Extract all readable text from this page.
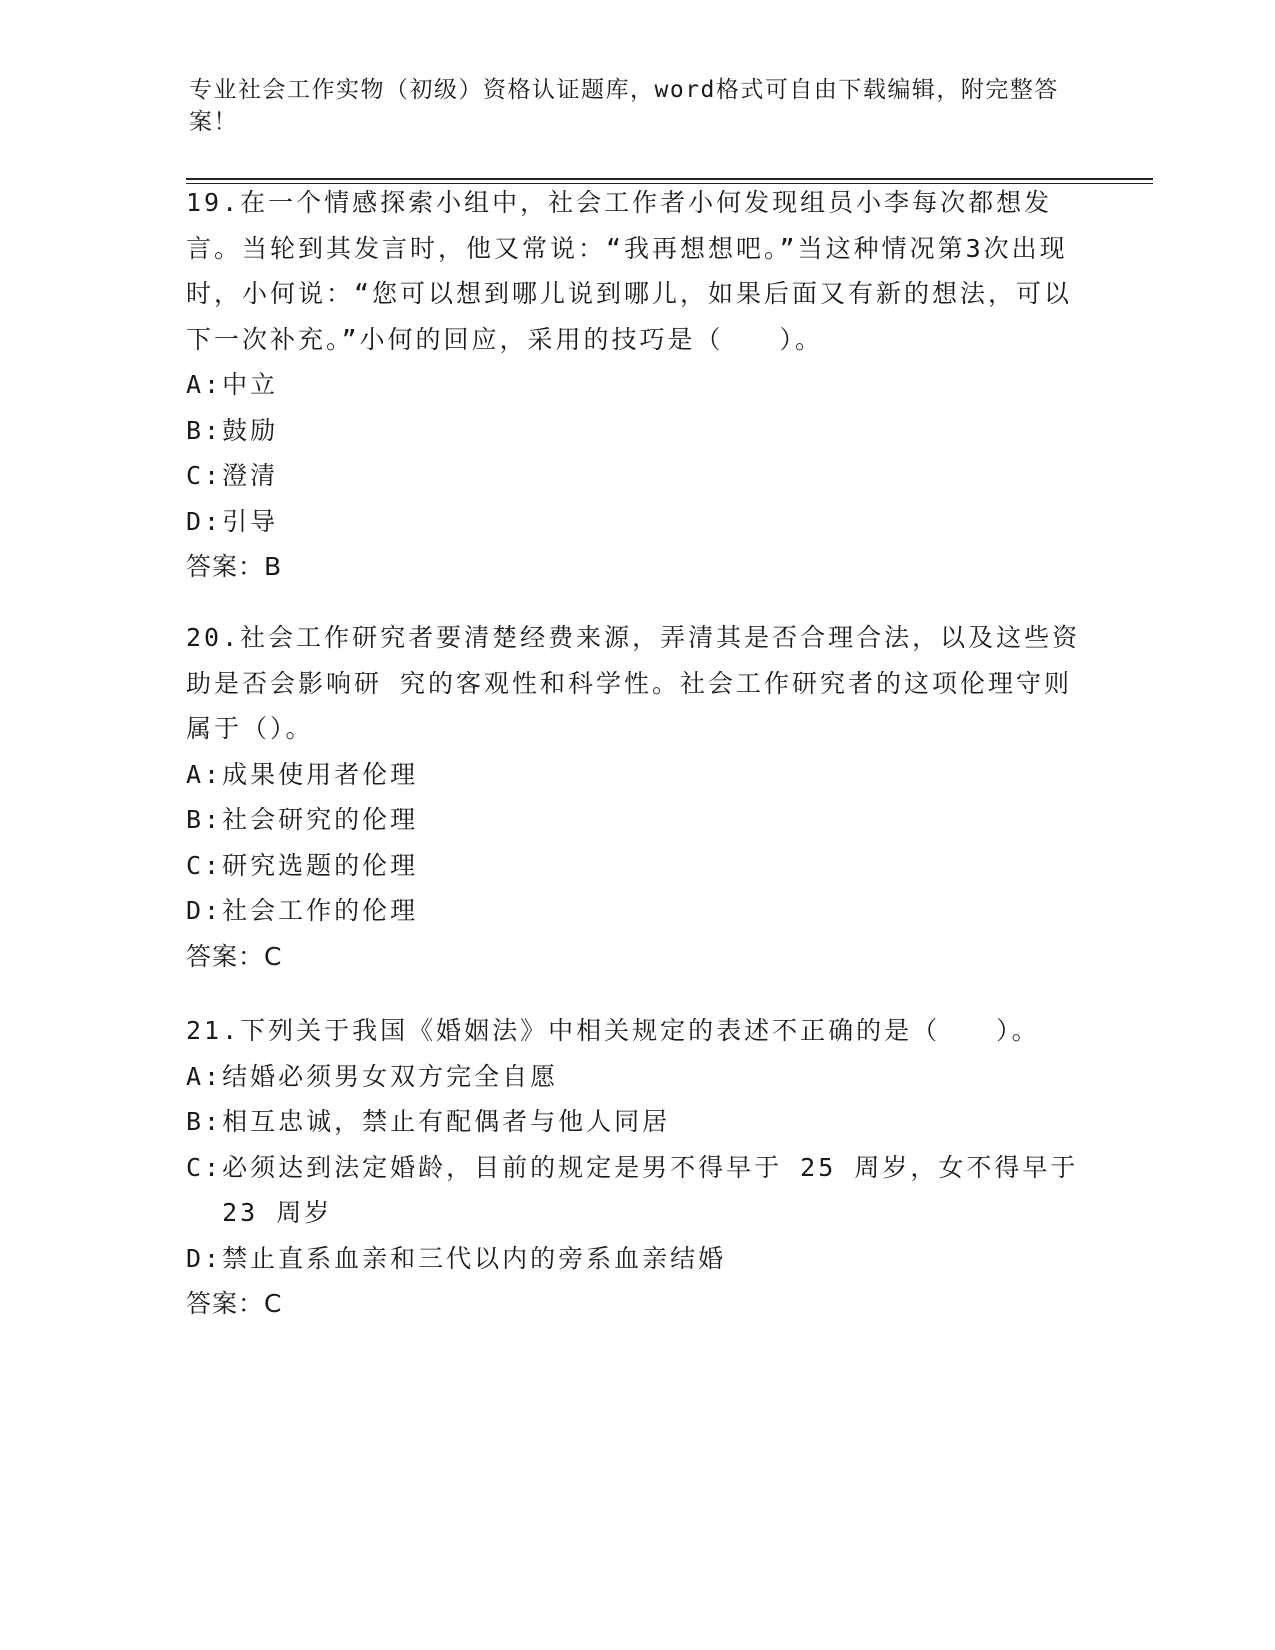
专业社会工作实物（初级）资格认证题库，word格式可自由下载编辑，附完整答案！

19.在一个情感探索小组中，社会工作者小何发现组员小李每次都想发言。当轮到其发言时，他又常说：“我再想想吧。”当这种情况第3次出现时，小何说：“您可以想到哪儿说到哪儿，如果后面又有新的想法，可以下一次补充。”小何的回应，采用的技巧是（　　）。

A: 中立
B: 鼓励
C: 澄清
D: 引导

答案：B

20.社会工作研究者要清楚经费来源，弄清其是否合理合法，以及这些资助是否会影响研 究的客观性和科学性。社会工作研究者的这项伦理守则属于（）。

A: 成果使用者伦理
B: 社会研究的伦理
C: 研究选题的伦理
D: 社会工作的伦理

答案：C

21.下列关于我国《婚姻法》中相关规定的表述不正确的是（　　）。

A: 结婚必须男女双方完全自愿
B: 相互忠诚，禁止有配偶者与他人同居
C: 必须达到法定婚龄，目前的规定是男不得早于 25 周岁，女不得早于 23 周岁
D: 禁止直系血亲和三代以内的旁系血亲结婚

答案：C
